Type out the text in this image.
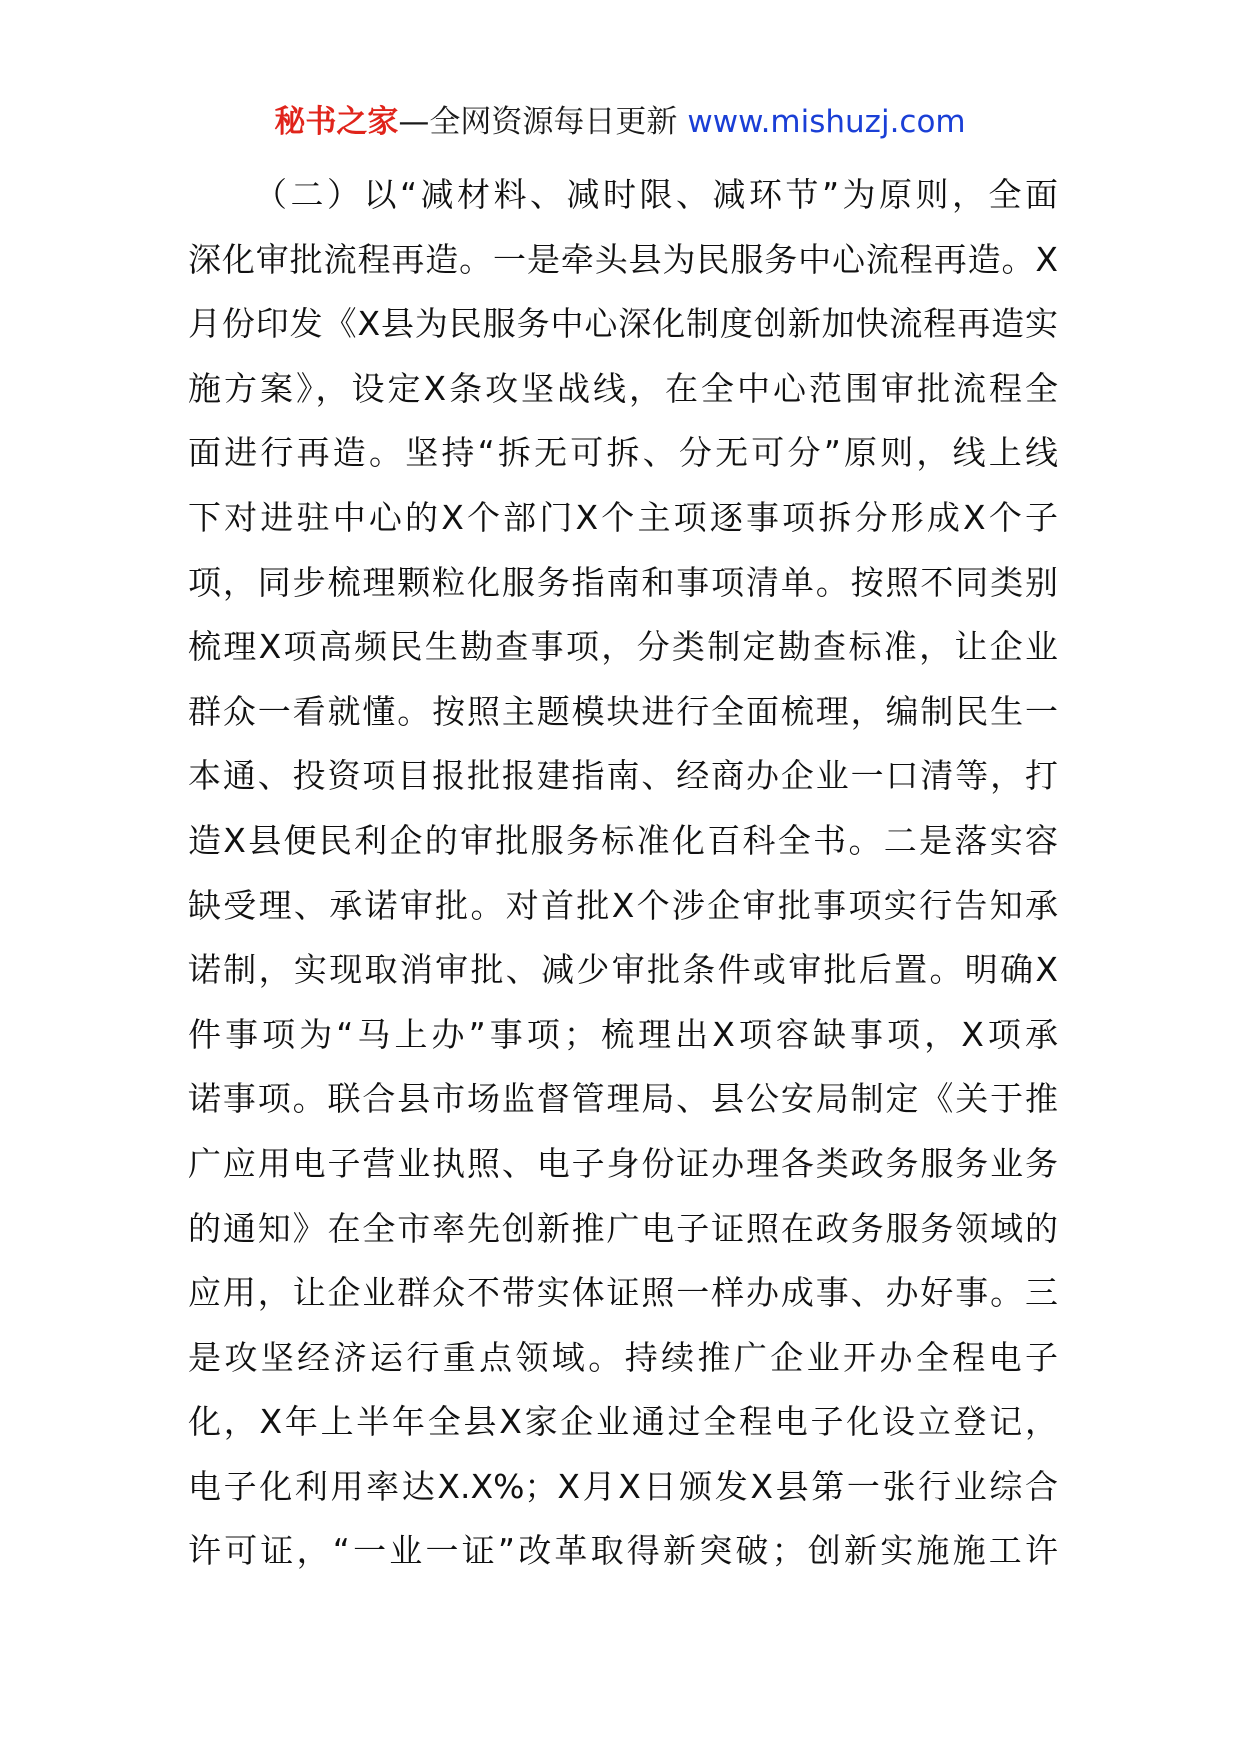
秘书之家—全网资源每日更新 www.mishuzj.com
（二）以“减材料、减时限、减环节”为原则，全面
深化审批流程再造。一是牵头县为民服务中心流程再造。X
月份印发《X县为民服务中心深化制度创新加快流程再造实
施方案》，设定X条攻坚战线，在全中心范围审批流程全
面进行再造。坚持“拆无可拆、分无可分”原则，线上线
下对进驻中心的X个部门X个主项逐事项拆分形成X个子
项，同步梳理颗粒化服务指南和事项清单。按照不同类别
梳理X项高频民生勘查事项，分类制定勘查标准，让企业
群众一看就懂。按照主题模块进行全面梳理，编制民生一
本通、投资项目报批报建指南、经商办企业一口清等，打
造X县便民利企的审批服务标准化百科全书。二是落实容
缺受理、承诺审批。对首批X个涉企审批事项实行告知承
诺制，实现取消审批、减少审批条件或审批后置。明确X
件事项为“马上办”事项；梳理出X项容缺事项，X项承
诺事项。联合县市场监督管理局、县公安局制定《关于推
广应用电子营业执照、电子身份证办理各类政务服务业务
的通知》在全市率先创新推广电子证照在政务服务领域的
应用，让企业群众不带实体证照一样办成事、办好事。三
是攻坚经济运行重点领域。持续推广企业开办全程电子
化，X年上半年全县X家企业通过全程电子化设立登记，
电子化利用率达X.X%；X月X日颁发X县第一张行业综合
许可证，“一业一证”改革取得新突破；创新实施施工许
